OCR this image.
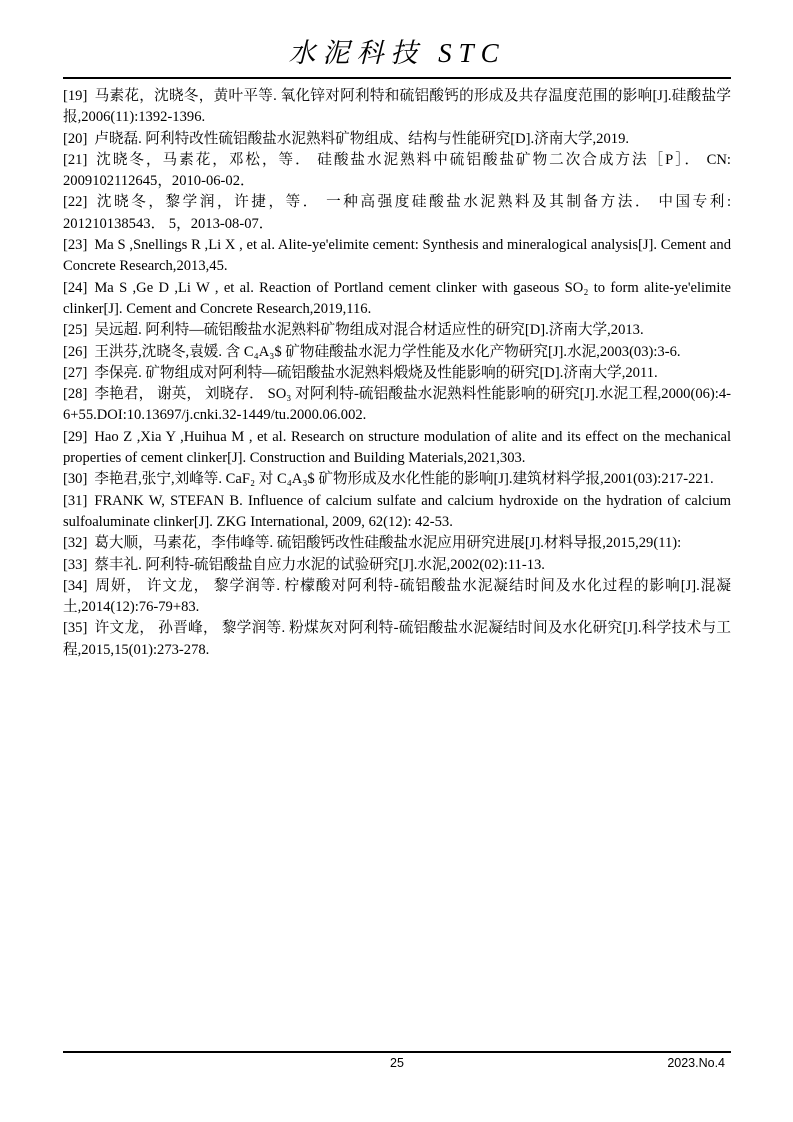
水泥科技 STC

[19] 马素花，沈晓冬，黄叶平等. 氧化锌对阿利特和硫铝酸钙的形成及共存温度范围的影响[J].硅酸盐学报,2006(11):1392-1396.

[20] 卢晓磊. 阿利特改性硫铝酸盐水泥熟料矿物组成、结构与性能研究[D].济南大学,2019.

[21] 沈晓冬，马素花，邓松，等． 硅酸盐水泥熟料中硫铝酸盐矿物二次合成方法［P］． CN: 2009102112645，2010-06-02．

[22] 沈晓冬，黎学润，许捷，等． 一种高强度硅酸盐水泥熟料及其制备方法． 中国专利: 201210138543． 5，2013-08-07．

[23] Ma S ,Snellings R ,Li X , et al. Alite-ye'elimite cement: Synthesis and mineralogical analysis[J]. Cement and Concrete Research,2013,45.

[24] Ma S ,Ge D ,Li W , et al. Reaction of Portland cement clinker with gaseous SO₂ to form alite-ye'elimite clinker[J]. Cement and Concrete Research,2019,116.

[25] 吴远超. 阿利特—硫铝酸盐水泥熟料矿物组成对混合材适应性的研究[D].济南大学,2013.

[26] 王洪芬,沈晓冬,袁媛. 含 C₄A₃$ 矿物硅酸盐水泥力学性能及水化产物研究[J].水泥,2003(03):3-6.

[27] 李保亮. 矿物组成对阿利特—硫铝酸盐水泥熟料煅烧及性能影响的研究[D].济南大学,2011.

[28] 李艳君， 谢英， 刘晓存． SO₃ 对阿利特-硫铝酸盐水泥熟料性能影响的研究[J].水泥工程,2000(06):4-6+55.DOI:10.13697/j.cnki.32-1449/tu.2000.06.002.

[29] Hao Z ,Xia Y ,Huihua M , et al. Research on structure modulation of alite and its effect on the mechanical properties of cement clinker[J]. Construction and Building Materials,2021,303.

[30] 李艳君,张宁,刘峰等. CaF₂ 对 C₄A₃$ 矿物形成及水化性能的影响[J].建筑材料学报,2001(03):217-221.

[31] FRANK W, STEFAN B. Influence of calcium sulfate and calcium hydroxide on the hydration of calcium sulfoaluminate clinker[J]. ZKG International, 2009, 62(12): 42-53.

[32] 葛大顺，马素花，李伟峰等. 硫铝酸钙改性硅酸盐水泥应用研究进展[J].材料导报,2015,29(11):

[33] 蔡丰礼. 阿利特-硫铝酸盐自应力水泥的试验研究[J].水泥,2002(02):11-13.

[34] 周妍， 许文龙， 黎学润等. 柠檬酸对阿利特-硫铝酸盐水泥凝结时间及水化过程的影响[J].混凝土,2014(12):76-79+83.

[35] 许文龙， 孙晋峰， 黎学润等. 粉煤灰对阿利特-硫铝酸盐水泥凝结时间及水化研究[J].科学技术与工程,2015,15(01):273-278.

25	2023.No.4
